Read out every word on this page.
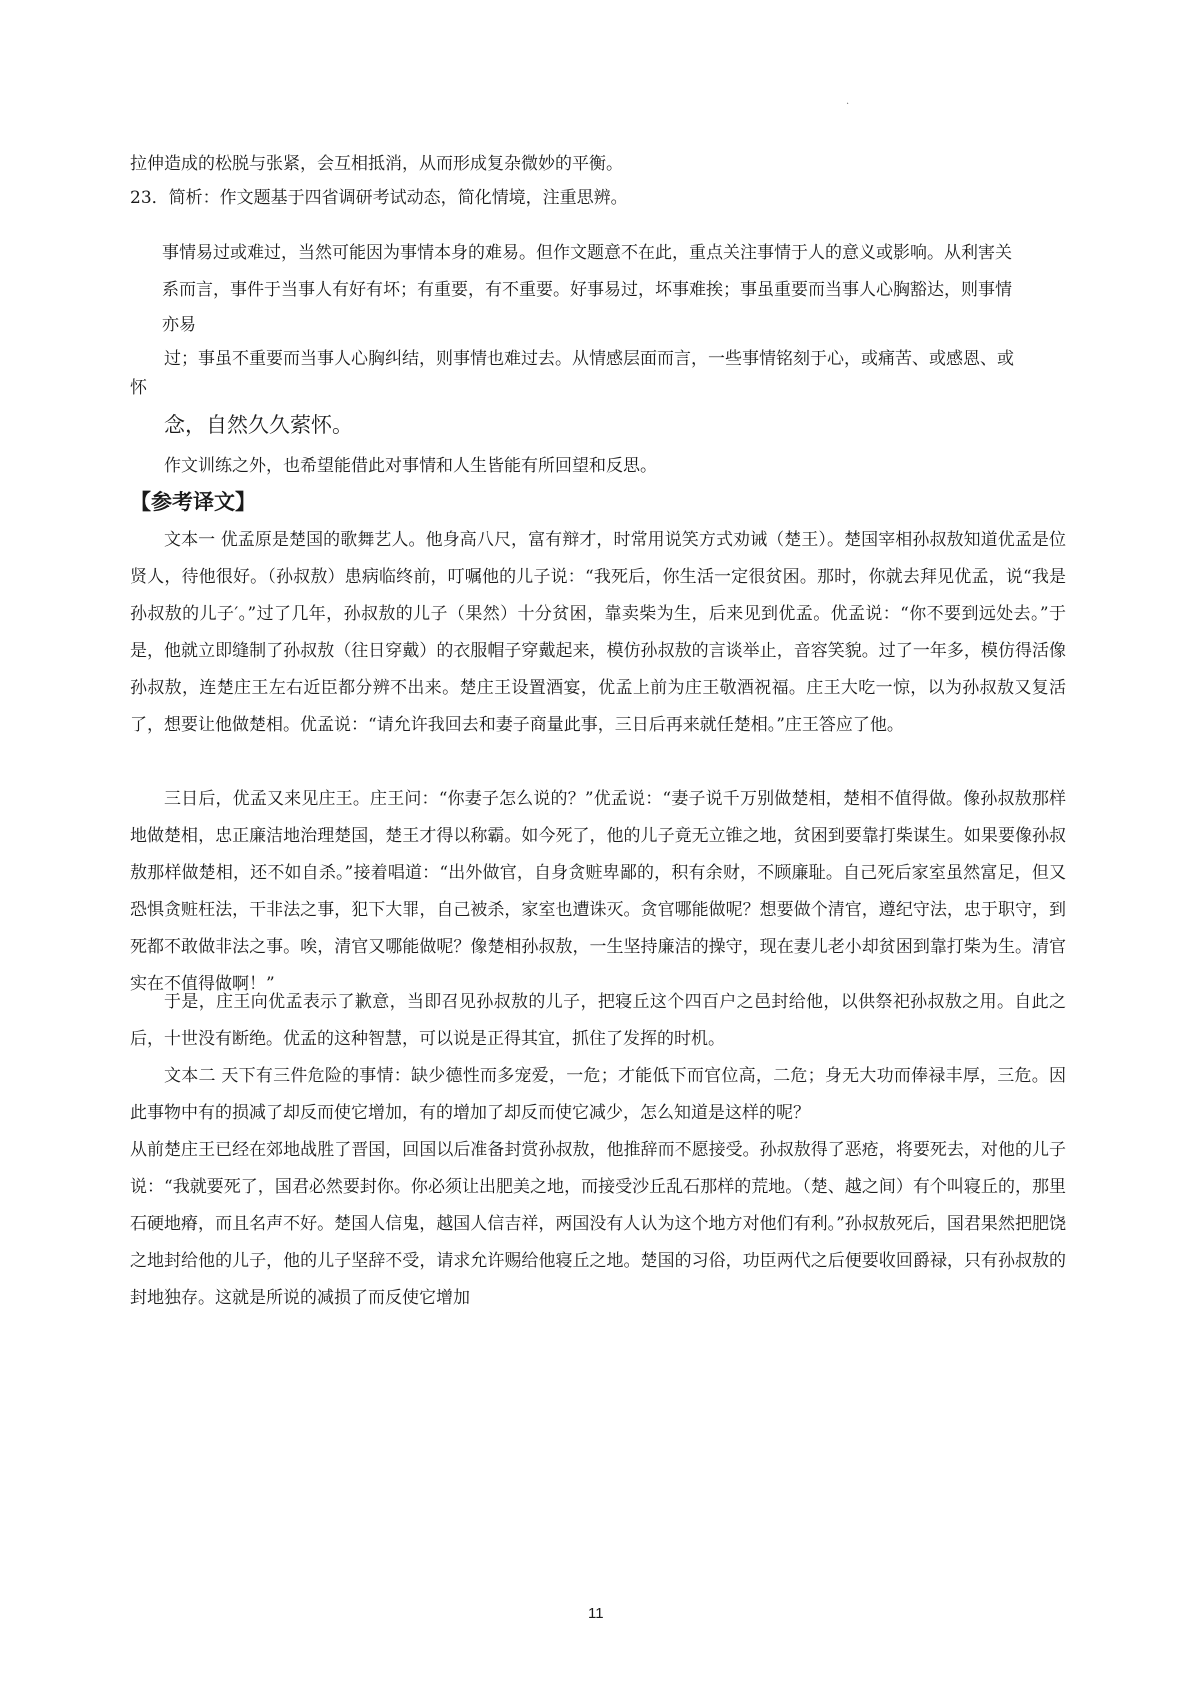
.
拉伸造成的松脱与张紧，会互相抵消，从而形成复杂微妙的平衡。
23．简析：作文题基于四省调研考试动态，简化情境，注重思辨。
事情易过或难过，当然可能因为事情本身的难易。但作文题意不在此，重点关注事情于人的意义或影响。从利害关
系而言，事件于当事人有好有坏；有重要，有不重要。好事易过，坏事难挨；事虽重要而当事人心胸豁达，则事情
亦易
过；事虽不重要而当事人心胸纠结，则事情也难过去。从情感层面而言，一些事情铭刻于心，或痛苦、或感恩、或
怀
念，自然久久萦怀。
作文训练之外，也希望能借此对事情和人生皆能有所回望和反思。
【参考译文】
文本一 优孟原是楚国的歌舞艺人。他身高八尺，富有辩才，时常用说笑方式劝诫（楚王）。楚国宰相孙叔敖知道优孟是位贤人，待他很好。（孙叔敖）患病临终前，叮嘱他的儿子说：“我死后，你生活一定很贫困。那时，你就去拜见优孟，说“我是孙叔敖的儿子′。”过了几年，孙叔敖的儿子（果然）十分贫困，靠卖柴为生，后来见到优孟。优孟说：“你不要到远处去。”于是，他就立即缝制了孙叔敖（往日穿戴）的衣服帽子穿戴起来，模仿孙叔敖的言谈举止，音容笑貌。过了一年多，模仿得活像孙叔敖，连楚庄王左右近臣都分辨不出来。楚庄王设置酒宴，优孟上前为庄王敬酒祝福。庄王大吃一惊，以为孙叔敖又复活了，想要让他做楚相。优孟说：“请允许我回去和妻子商量此事，三日后再来就任楚相。”庄王答应了他。
三日后，优孟又来见庄王。庄王问：“你妻子怎么说的？”优孟说：“妻子说千万别做楚相，楚相不值得做。像孙叔敖那样地做楚相，忠正廉洁地治理楚国，楚王才得以称霸。如今死了，他的儿子竟无立锥之地，贫困到要靠打柴谋生。如果要像孙叔敖那样做楚相，还不如自杀。”接着唱道：“出外做官，自身贪赃卑鄙的，积有余财，不顾廉耻。自己死后家室虽然富足，但又恐惧贪赃枉法，干非法之事，犯下大罪，自己被杀，家室也遭诛灭。贪官哪能做呢？想要做个清官，遵纪守法，忠于职守，到死都不敢做非法之事。唉，清官又哪能做呢？像楚相孙叔敖，一生坚持廉洁的操守，现在妻儿老小却贫困到靠打柴为生。清官实在不值得做啊！”
于是，庄王向优孟表示了歉意，当即召见孙叔敖的儿子，把寝丘这个四百户之邑封给他，以供祭祀孙叔敖之用。自此之后，十世没有断绝。优孟的这种智慧，可以说是正得其宜，抓住了发挥的时机。
文本二 天下有三件危险的事情：缺少德性而多宠爱，一危；才能低下而官位高，二危；身无大功而俸禄丰厚，三危。因此事物中有的损减了却反而使它增加，有的增加了却反而使它减少，怎么知道是这样的呢？
从前楚庄王已经在郊地战胜了晋国，回国以后准备封赏孙叔敖，他推辞而不愿接受。孙叔敖得了恶疮，将要死去，对他的儿子说：“我就要死了，国君必然要封你。你必须让出肥美之地，而接受沙丘乱石那样的荒地。（楚、越之间）有个叫寝丘的，那里石硬地瘠，而且名声不好。楚国人信鬼，越国人信吉祥，两国没有人认为这个地方对他们有利。”孙叔敖死后，国君果然把肥饶之地封给他的儿子，他的儿子坚辞不受，请求允许赐给他寝丘之地。楚国的习俗，功臣两代之后便要收回爵禄，只有孙叔敖的封地独存。这就是所说的减损了而反使它增加
11
